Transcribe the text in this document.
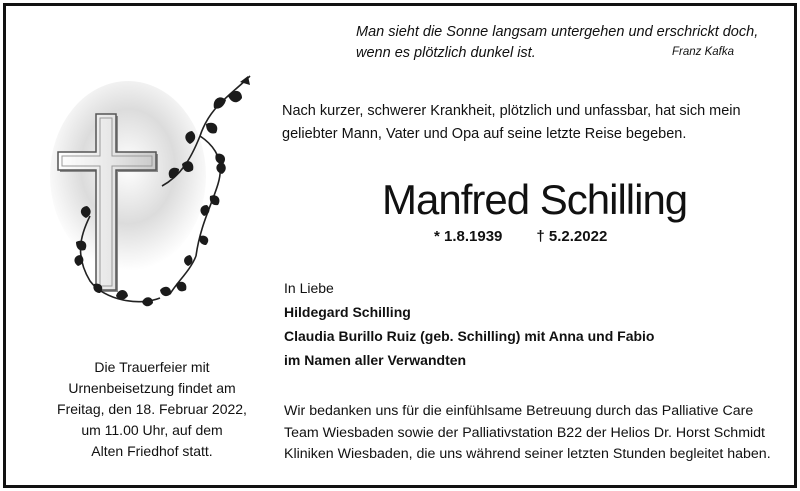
Man sieht die Sonne langsam untergehen und erschrickt doch,
wenn es plötzlich dunkel ist.	Franz Kafka
Nach kurzer, schwerer Krankheit, plötzlich und unfassbar, hat sich mein
geliebter Mann, Vater und Opa auf seine letzte Reise begeben.
Manfred Schilling
* 1.8.1939 † 5.2.2022
In Liebe
Hildegard Schilling
Claudia Burillo Ruiz (geb. Schilling) mit Anna und Fabio
im Namen aller Verwandten
Die Trauerfeier mit
Urnenbeisetzung findet am
Freitag, den 18. Februar 2022,
um 11.00 Uhr, auf dem
Alten Friedhof statt.
Wir bedanken uns für die einfühlsame Betreuung durch das Palliative Care
Team Wiesbaden sowie der Palliativstation B22 der Helios Dr. Horst Schmidt
Kliniken Wiesbaden, die uns während seiner letzten Stunden begleitet haben.
